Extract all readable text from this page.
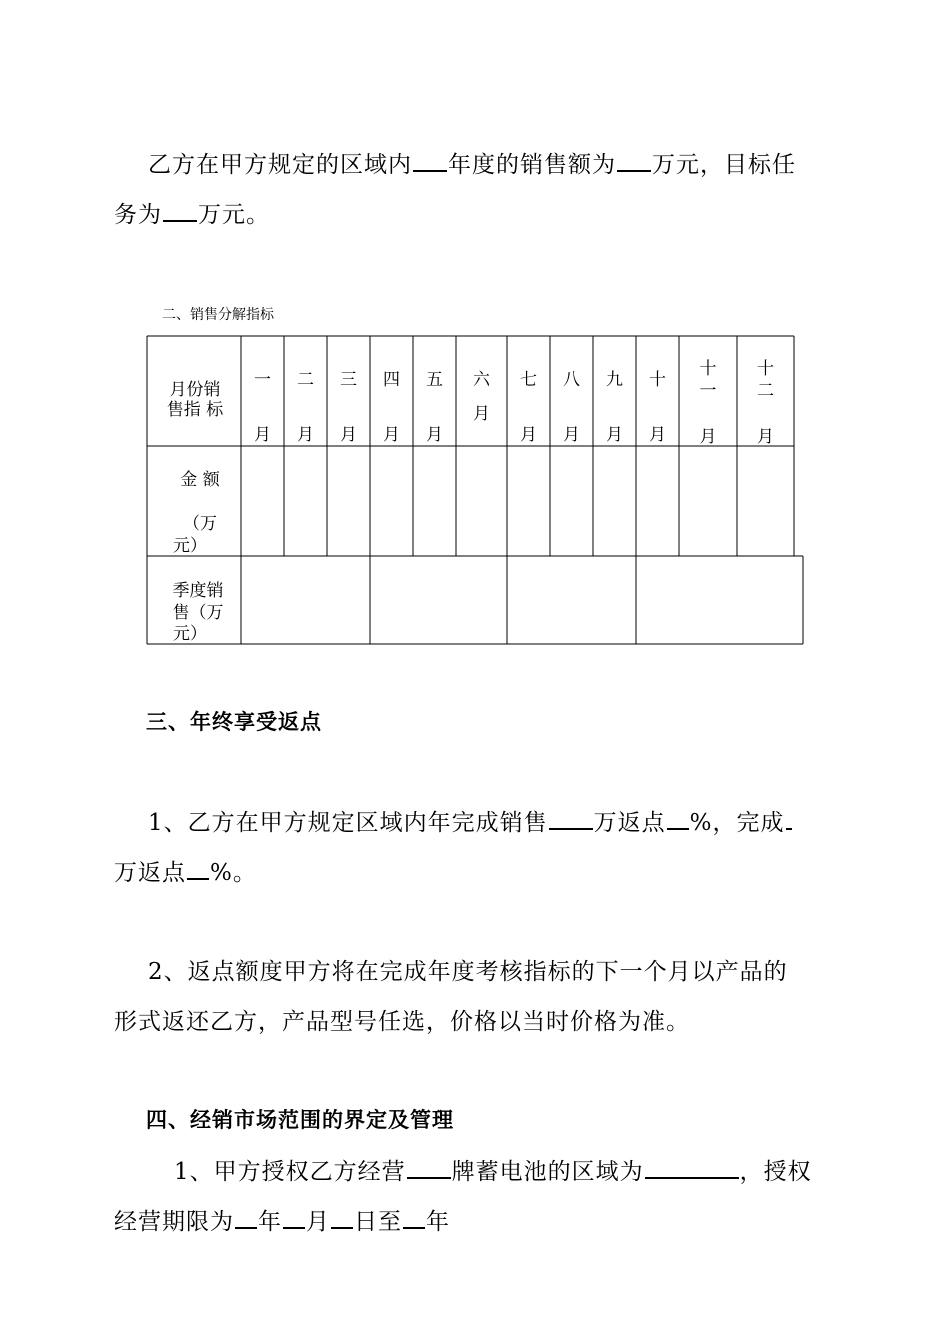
乙方在甲方规定的区域内 年度的销售额为 万元，目标任
务为 万元。
二、销售分解指标
月份销
售指 标
一
月
二
月
三
月
四
月
五
月
六
月
七
月
八
月
九
月
十
月
十一
月
十二
月
金 额
（万
元）
季度销
售（万
元）
三、年终享受返点
1、乙方在甲方规定区域内年完成销售 万返点 %，完成
万返点 %。
2、返点额度甲方将在完成年度考核指标的下一个月以产品的
形式返还乙方，产品型号任选，价格以当时价格为准。
四、经销市场范围的界定及管理
1、甲方授权乙方经营 牌蓄电池的区域为	，授权
经营期限为 年 月 日至 年
